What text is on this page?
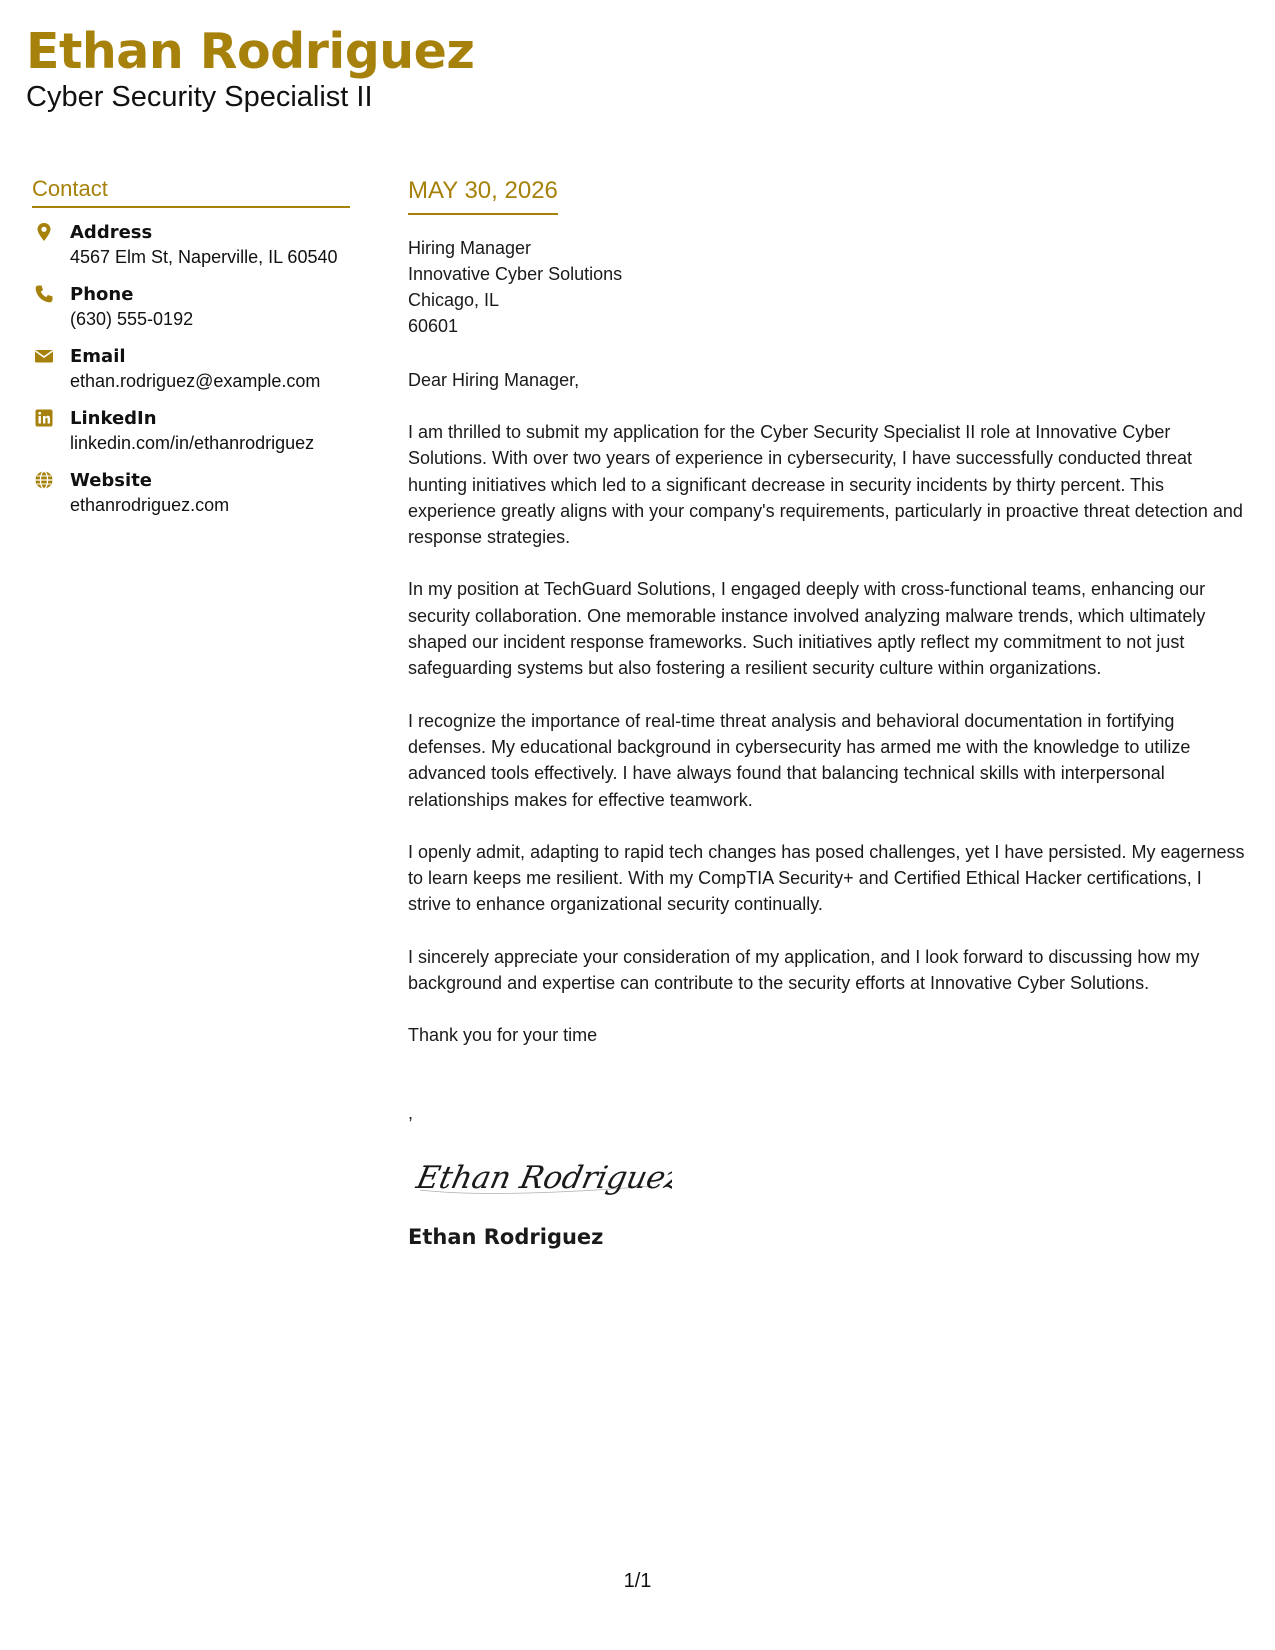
Ethan Rodriguez
Cyber Security Specialist II
Contact
Address
4567 Elm St, Naperville, IL 60540
Phone
(630) 555-0192
Email
ethan.rodriguez@example.com
LinkedIn
linkedin.com/in/ethanrodriguez
Website
ethanrodriguez.com
MAY 30, 2026
Hiring Manager
Innovative Cyber Solutions
Chicago, IL
60601
Dear Hiring Manager,
I am thrilled to submit my application for the Cyber Security Specialist II role at Innovative Cyber Solutions. With over two years of experience in cybersecurity, I have successfully conducted threat hunting initiatives which led to a significant decrease in security incidents by thirty percent. This experience greatly aligns with your company's requirements, particularly in proactive threat detection and response strategies.
In my position at TechGuard Solutions, I engaged deeply with cross-functional teams, enhancing our security collaboration. One memorable instance involved analyzing malware trends, which ultimately shaped our incident response frameworks. Such initiatives aptly reflect my commitment to not just safeguarding systems but also fostering a resilient security culture within organizations.
I recognize the importance of real-time threat analysis and behavioral documentation in fortifying defenses. My educational background in cybersecurity has armed me with the knowledge to utilize advanced tools effectively. I have always found that balancing technical skills with interpersonal relationships makes for effective teamwork.
I openly admit, adapting to rapid tech changes has posed challenges, yet I have persisted. My eagerness to learn keeps me resilient. With my CompTIA Security+ and Certified Ethical Hacker certifications, I strive to enhance organizational security continually.
I sincerely appreciate your consideration of my application, and I look forward to discussing how my background and expertise can contribute to the security efforts at Innovative Cyber Solutions.
Thank you for your time
,
Ethan Rodriguez
Ethan Rodriguez
1/1
